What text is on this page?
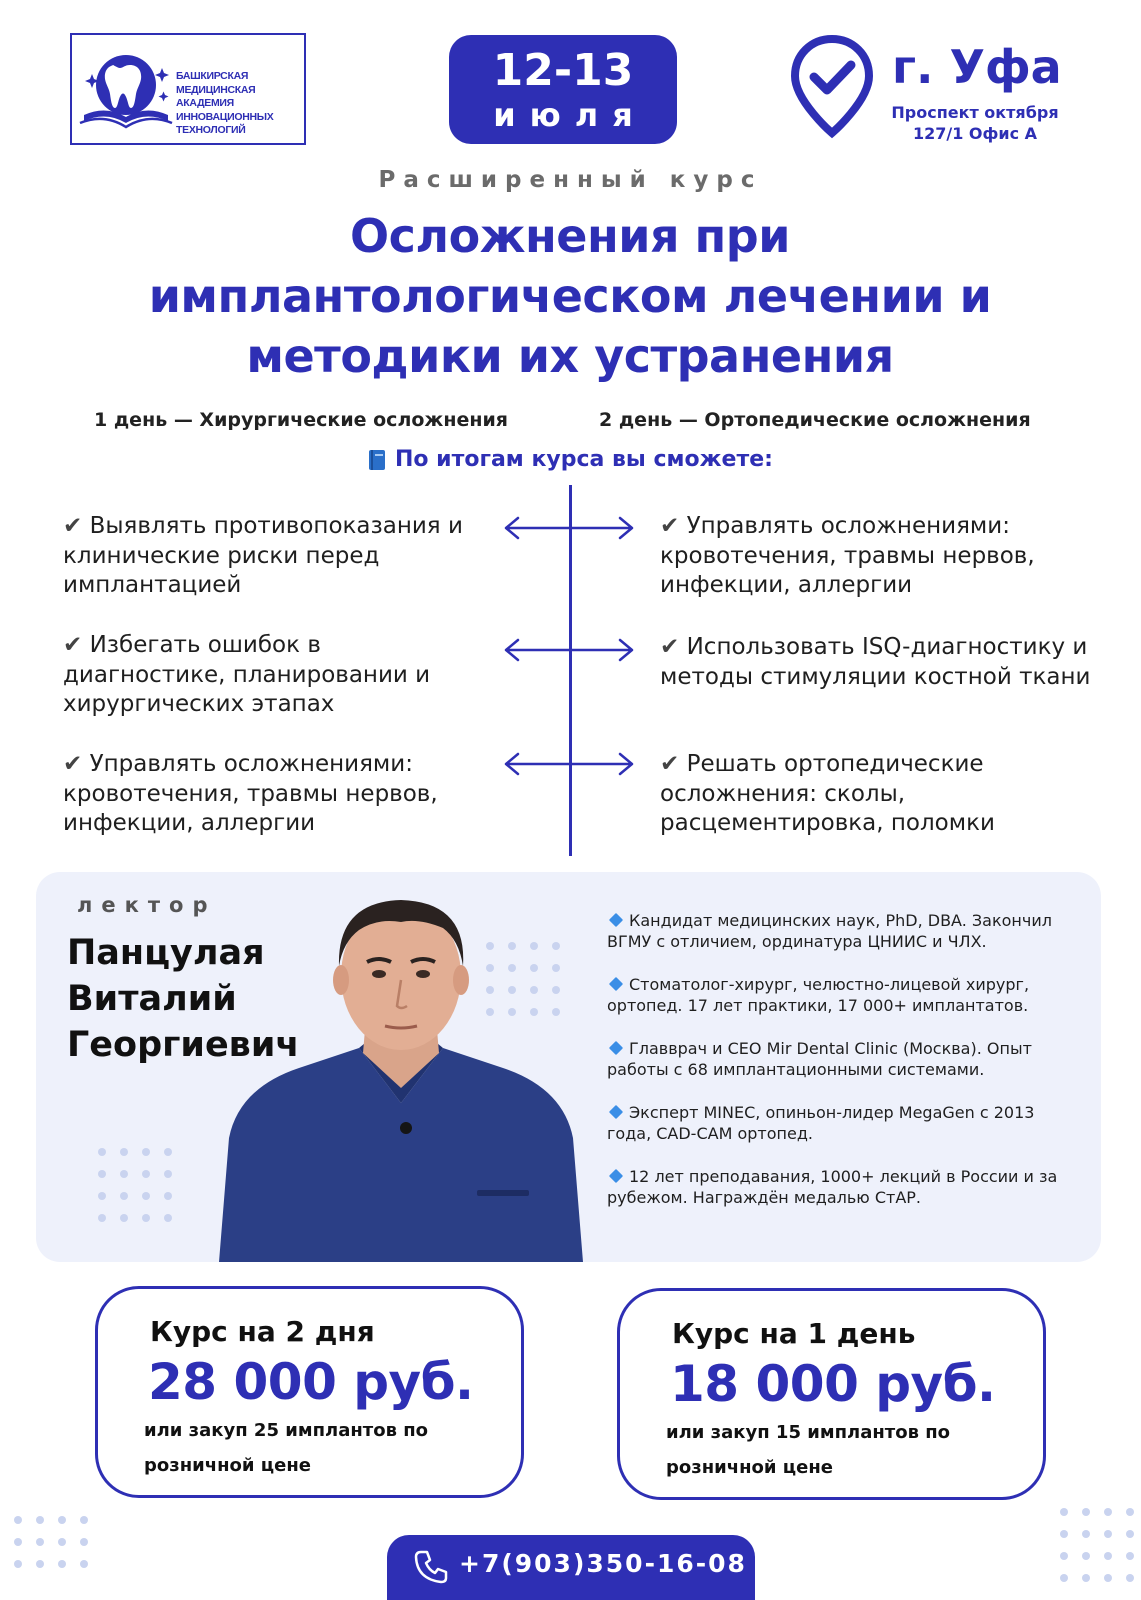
БАШКИРСКАЯ МЕДИЦИНСКАЯ
АКАДЕМИЯ ИННОВАЦИОННЫХ
ТЕХНОЛОГИЙ
12-13
июля
г. Уфа
Проспект октября 127/1 Офис А
Расширенный курс
Осложнения при имплантологическом лечении и методики их устранения
1 день — Хирургические осложнения	2 день — Ортопедические осложнения
По итогам курса вы сможете:
✔ Выявлять противопоказания и клинические риски перед имплантацией
✔ Избегать ошибок в диагностике, планировании и хирургических этапах
✔ Управлять осложнениями: кровотечения, травмы нервов, инфекции, аллергии
✔ Управлять осложнениями: кровотечения, травмы нервов, инфекции, аллергии
✔ Использовать ISQ-диагностику и методы стимуляции костной ткани
✔ Решать ортопедические осложнения: сколы, расцементировка, поломки
лектор
Панцулая
Виталий
Георгиевич
Кандидат медицинских наук, PhD, DBA. Закончил ВГМУ с отличием, ординатура ЦНИИС и ЧЛХ.
Стоматолог-хирург, челюстно-лицевой хирург, ортопед. 17 лет практики, 17 000+ имплантатов.
Главврач и CEO Mir Dental Clinic (Москва). Опыт работы с 68 имплантационными системами.
Эксперт MINEC, опиньон-лидер MegaGen с 2013 года, CAD-CAM ортопед.
12 лет преподавания, 1000+ лекций в России и за рубежом. Награждён медалью СтАР.
Курс на 2 дня
28 000 руб.
или закуп 25 имплантов по розничной цене
Курс на 1 день
18 000 руб.
или закуп 15 имплантов по розничной цене
+7(903)350-16-08
